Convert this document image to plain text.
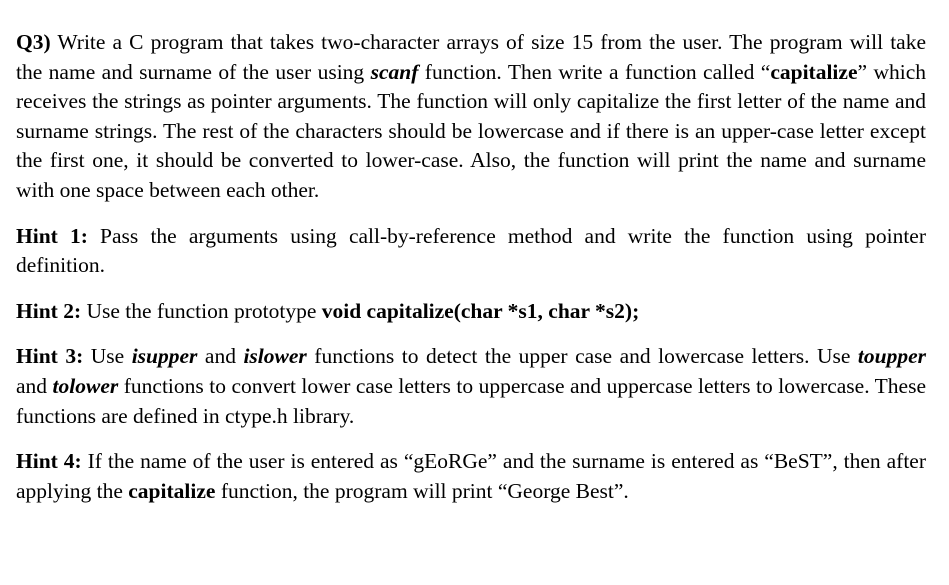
Q3) Write a C program that takes two-character arrays of size 15 from the user. The program will take the name and surname of the user using scanf function. Then write a function called “capitalize” which receives the strings as pointer arguments. The function will only capitalize the first letter of the name and surname strings. The rest of the characters should be lowercase and if there is an upper-case letter except the first one, it should be converted to lower-case. Also, the function will print the name and surname with one space between each other.

Hint 1: Pass the arguments using call-by-reference method and write the function using pointer definition.

Hint 2: Use the function prototype void capitalize(char *s1, char *s2);

Hint 3: Use isupper and islower functions to detect the upper case and lowercase letters. Use toupper and tolower functions to convert lower case letters to uppercase and uppercase letters to lowercase. These functions are defined in ctype.h library.

Hint 4: If the name of the user is entered as “gEoRGe” and the surname is entered as “BeST”, then after applying the capitalize function, the program will print “George Best”.
